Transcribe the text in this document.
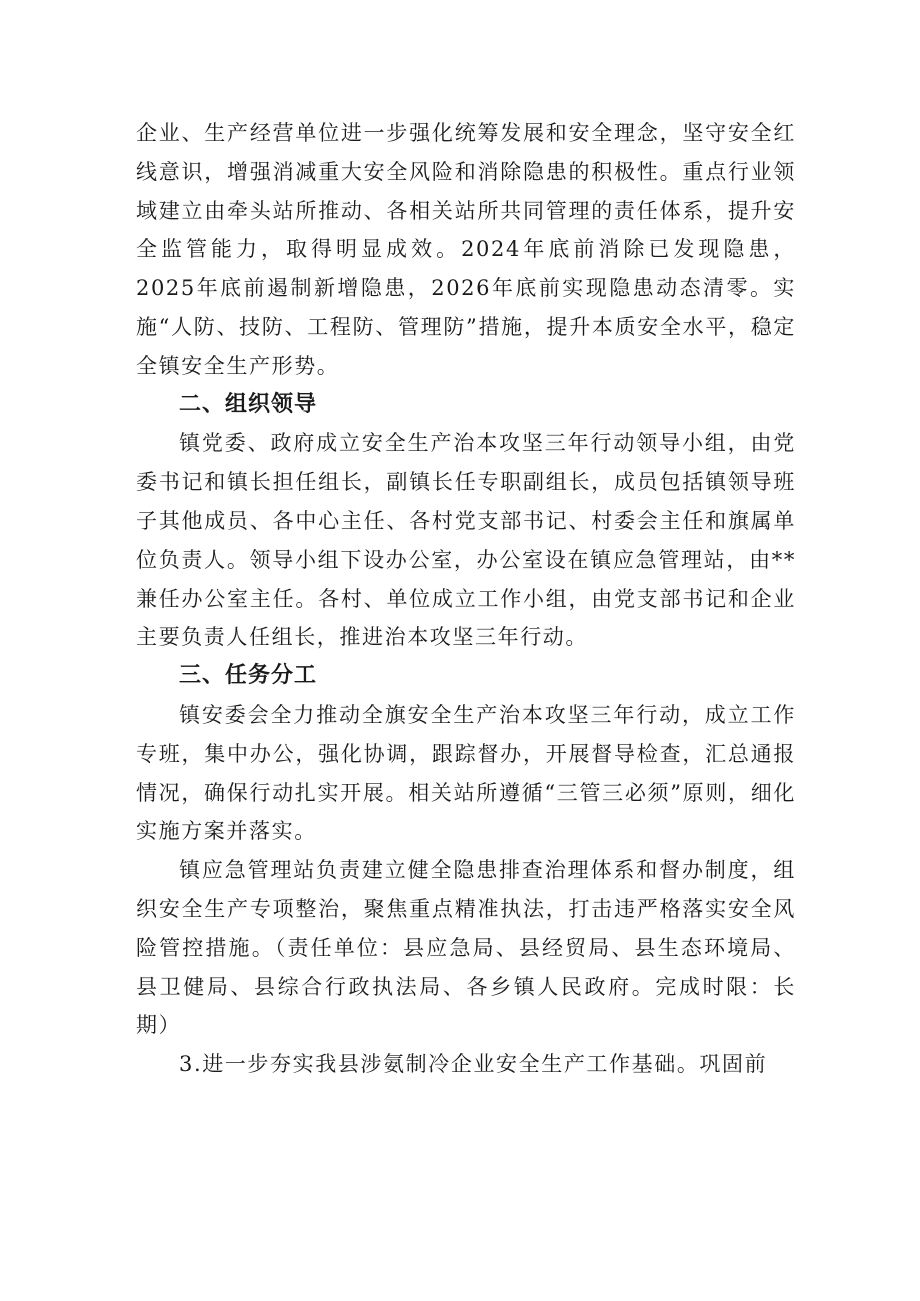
企业、生产经营单位进一步强化统筹发展和安全理念，坚守安全红线意识，增强消减重大安全风险和消除隐患的积极性。重点行业领域建立由牵头站所推动、各相关站所共同管理的责任体系，提升安全监管能力，取得明显成效。2024年底前消除已发现隐患，2025年底前遏制新增隐患，2026年底前实现隐患动态清零。实施“人防、技防、工程防、管理防”措施，提升本质安全水平，稳定全镇安全生产形势。

二、组织领导

镇党委、政府成立安全生产治本攻坚三年行动领导小组，由党委书记和镇长担任组长，副镇长任专职副组长，成员包括镇领导班子其他成员、各中心主任、各村党支部书记、村委会主任和旗属单位负责人。领导小组下设办公室，办公室设在镇应急管理站，由**兼任办公室主任。各村、单位成立工作小组，由党支部书记和企业主要负责人任组长，推进治本攻坚三年行动。

三、任务分工

镇安委会全力推动全旗安全生产治本攻坚三年行动，成立工作专班，集中办公，强化协调，跟踪督办，开展督导检查，汇总通报情况，确保行动扎实开展。相关站所遵循“三管三必须”原则，细化实施方案并落实。

镇应急管理站负责建立健全隐患排查治理体系和督办制度，组织安全生产专项整治，聚焦重点精准执法，打击违严格落实安全风险管控措施。（责任单位：县应急局、县经贸局、县生态环境局、县卫健局、县综合行政执法局、各乡镇人民政府。完成时限：长期）

3.进一步夯实我县涉氨制冷企业安全生产工作基础。巩固前
